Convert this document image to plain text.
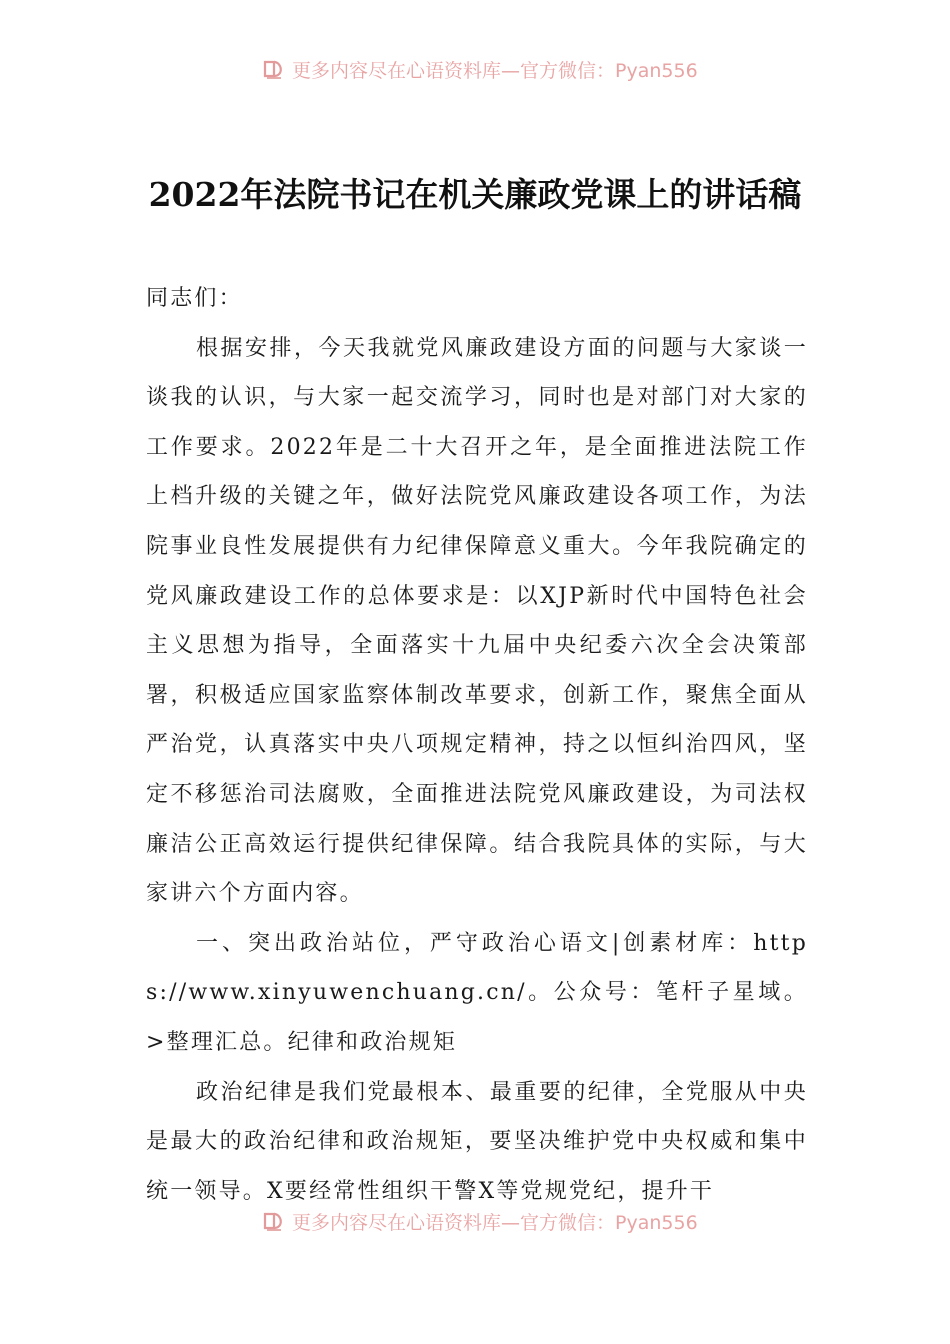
更多内容尽在心语资料库—官方微信：Pyan556
2022年法院书记在机关廉政党课上的讲话稿

同志们：

根据安排，今天我就党风廉政建设方面的问题与大家谈一谈我的认识，与大家一起交流学习，同时也是对部门对大家的工作要求。2022年是二十大召开之年，是全面推进法院工作上档升级的关键之年，做好法院党风廉政建设各项工作，为法院事业良性发展提供有力纪律保障意义重大。今年我院确定的党风廉政建设工作的总体要求是：以XJP新时代中国特色社会主义思想为指导，全面落实十九届中央纪委六次全会决策部署，积极适应国家监察体制改革要求，创新工作，聚焦全面从严治党，认真落实中央八项规定精神，持之以恒纠治四风，坚定不移惩治司法腐败，全面推进法院党风廉政建设，为司法权廉洁公正高效运行提供纪律保障。结合我院具体的实际，与大家讲六个方面内容。

一、突出政治站位，严守政治心语文|创素材库：https://www.xinyuwenchuang.cn/。公众号：笔杆子星域。>整理汇总。纪律和政治规矩

政治纪律是我们党最根本、最重要的纪律，全党服从中央是最大的政治纪律和政治规矩，要坚决维护党中央权威和集中统一领导。X要经常性组织干警X等党规党纪，提升干

更多内容尽在心语资料库—官方微信：Pyan556
